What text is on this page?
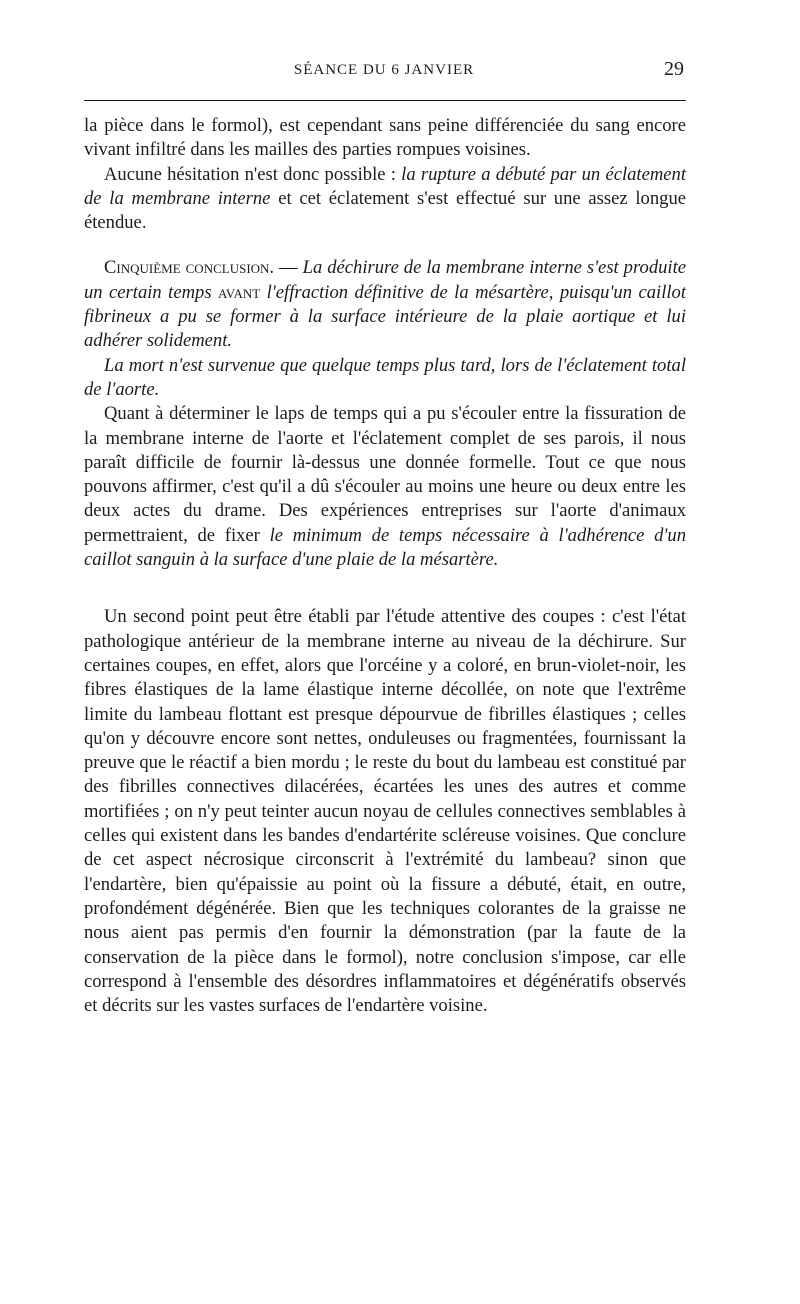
SÉANCE DU 6 JANVIER	29

la pièce dans le formol), est cependant sans peine différenciée du sang encore vivant infiltré dans les mailles des parties rompues voisines.

Aucune hésitation n'est donc possible : la rupture a débuté par un éclatement de la membrane interne et cet éclatement s'est effectué sur une assez longue étendue.

Cinquième conclusion. — La déchirure de la membrane interne s'est produite un certain temps avant l'effraction définitive de la mésartère, puisqu'un caillot fibrineux a pu se former à la surface intérieure de la plaie aortique et lui adhérer solidement.

La mort n'est survenue que quelque temps plus tard, lors de l'éclatement total de l'aorte.

Quant à déterminer le laps de temps qui a pu s'écouler entre la fissuration de la membrane interne de l'aorte et l'éclatement complet de ses parois, il nous paraît difficile de fournir là-dessus une donnée formelle. Tout ce que nous pouvons affirmer, c'est qu'il a dû s'écouler au moins une heure ou deux entre les deux actes du drame. Des expériences entreprises sur l'aorte d'animaux permettraient, de fixer le minimum de temps nécessaire à l'adhérence d'un caillot sanguin à la surface d'une plaie de la mésartère.

Un second point peut être établi par l'étude attentive des coupes : c'est l'état pathologique antérieur de la membrane interne au niveau de la déchirure. Sur certaines coupes, en effet, alors que l'orcéine y a coloré, en brun-violet-noir, les fibres élastiques de la lame élastique interne décollée, on note que l'extrême limite du lambeau flottant est presque dépourvue de fibrilles élastiques ; celles qu'on y découvre encore sont nettes, onduleuses ou fragmentées, fournissant la preuve que le réactif a bien mordu ; le reste du bout du lambeau est constitué par des fibrilles connectives dilacérées, écartées les unes des autres et comme mortifiées ; on n'y peut teinter aucun noyau de cellules connectives semblables à celles qui existent dans les bandes d'endartérite scléreuse voisines. Que conclure de cet aspect nécrosique circonscrit à l'extrémité du lambeau? sinon que l'endartère, bien qu'épaissie au point où la fissure a débuté, était, en outre, profondément dégénérée. Bien que les techniques colorantes de la graisse ne nous aient pas permis d'en fournir la démonstration (par la faute de la conservation de la pièce dans le formol), notre conclusion s'impose, car elle correspond à l'ensemble des désordres inflammatoires et dégénératifs observés et décrits sur les vastes surfaces de l'endartère voisine.
